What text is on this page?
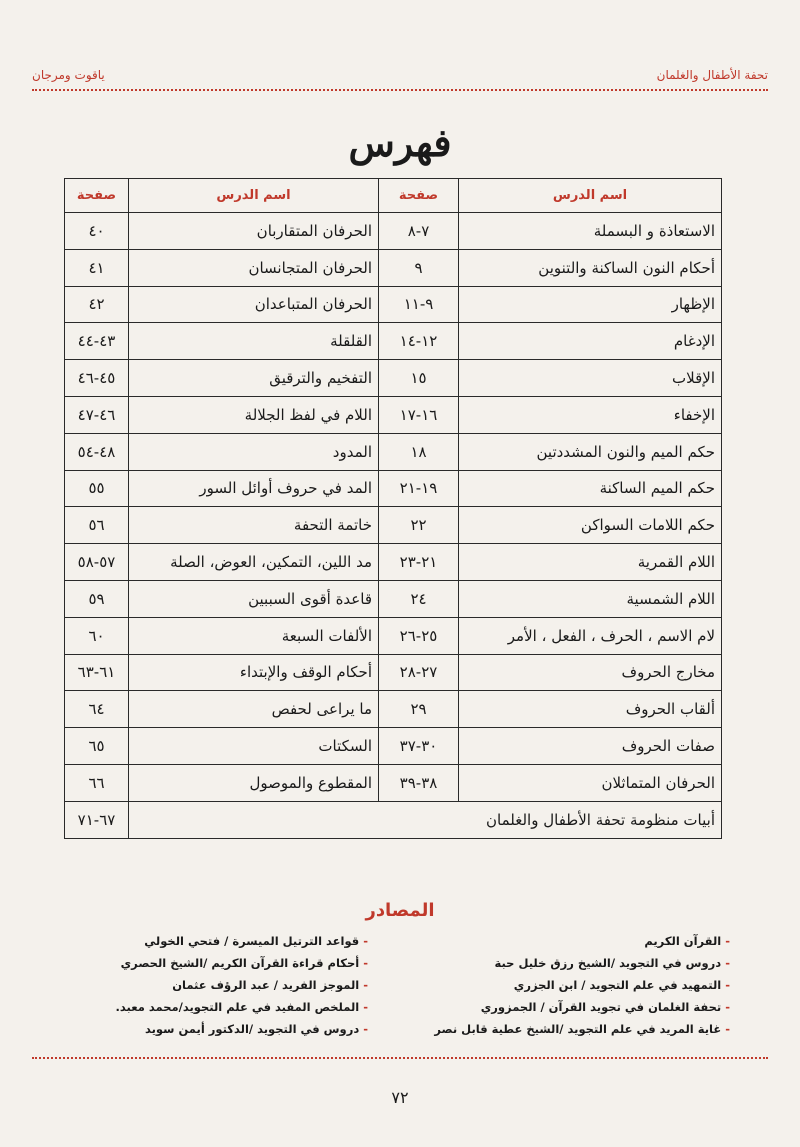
ياقوت ومرجان	تحفة الأطفال والغلمان
فهرس
اسم الدرس	صفحة	اسم الدرس	صفحة
الاستعاذة و البسملة	٧-٨	الحرفان المتقاربان	٤٠
أحكام النون الساكنة والتنوين	٩	الحرفان المتجانسان	٤١
الإظهار	٩-١١	الحرفان المتباعدان	٤٢
الإدغام	١٢-١٤	القلقلة	٤٣-٤٤
الإقلاب	١٥	التفخيم والترقيق	٤٥-٤٦
الإخفاء	١٦-١٧	اللام في لفظ الجلالة	٤٦-٤٧
حكم الميم والنون المشددتين	١٨	المدود	٤٨-٥٤
حكم الميم الساكنة	١٩-٢١	المد في حروف أوائل السور	٥٥
حكم اللامات السواكن	٢٢	خاتمة التحفة	٥٦
اللام القمرية	٢١-٢٣	مد اللين، التمكين، العوض، الصلة	٥٧-٥٨
اللام الشمسية	٢٤	قاعدة أقوى السببين	٥٩
لام الاسم ، الحرف ، الفعل ، الأمر	٢٥-٢٦	الألفات السبعة	٦٠
مخارج الحروف	٢٧-٢٨	أحكام الوقف والإبتداء	٦١-٦٣
ألقاب الحروف	٢٩	ما يراعى لحفص	٦٤
صفات الحروف	٣٠-٣٧	السكتات	٦٥
الحرفان المتماثلان	٣٨-٣٩	المقطوع والموصول	٦٦
أبيات منظومة تحفة الأطفال والغلمان			٦٧-٧١
المصادر
- القرآن الكريم
- دروس في التجويد /الشيخ رزق خليل حبة
- التمهيد في علم التجويد / ابن الجزري
- تحفة الغلمان في تجويد القرآن / الجمزوري
- غاية المريد في علم التجويد /الشيخ عطية قابل نصر
- قواعد الترتيل الميسرة / فتحي الخولي
- أحكام قراءة القرآن الكريم /الشيخ الحصري
- الموجز الفريد / عبد الرؤف عثمان
- الملخص المفيد في علم التجويد/محمد معبد.
- دروس في التجويد /الدكتور أيمن سويد
٧٢
